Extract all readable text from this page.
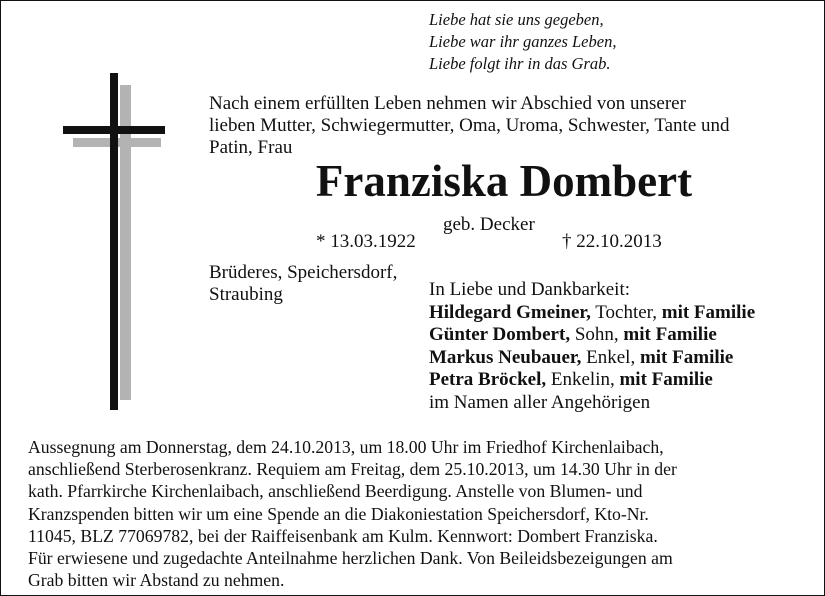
Liebe hat sie uns gegeben,
Liebe war ihr ganzes Leben,
Liebe folgt ihr in das Grab.
Nach einem erfüllten Leben nehmen wir Abschied von unserer
lieben Mutter, Schwiegermutter, Oma, Uroma, Schwester, Tante und
Patin, Frau
Franziska Dombert
geb. Decker
* 13.03.1922	† 22.10.2013
Brüderes, Speichersdorf,
Straubing	In Liebe und Dankbarkeit:
Hildegard Gmeiner, Tochter, mit Familie
Günter Dombert, Sohn, mit Familie
Markus Neubauer, Enkel, mit Familie
Petra Bröckel, Enkelin, mit Familie
im Namen aller Angehörigen
Aussegnung am Donnerstag, dem 24.10.2013, um 18.00 Uhr im Friedhof Kirchenlaibach,
anschließend Sterberosenkranz. Requiem am Freitag, dem 25.10.2013, um 14.30 Uhr in der
kath. Pfarrkirche Kirchenlaibach, anschließend Beerdigung. Anstelle von Blumen- und
Kranzspenden bitten wir um eine Spende an die Diakoniestation Speichersdorf, Kto-Nr.
11045, BLZ 77069782, bei der Raiffeisenbank am Kulm. Kennwort: Dombert Franziska.
Für erwiesene und zugedachte Anteilnahme herzlichen Dank. Von Beileidsbezeigungen am
Grab bitten wir Abstand zu nehmen.
